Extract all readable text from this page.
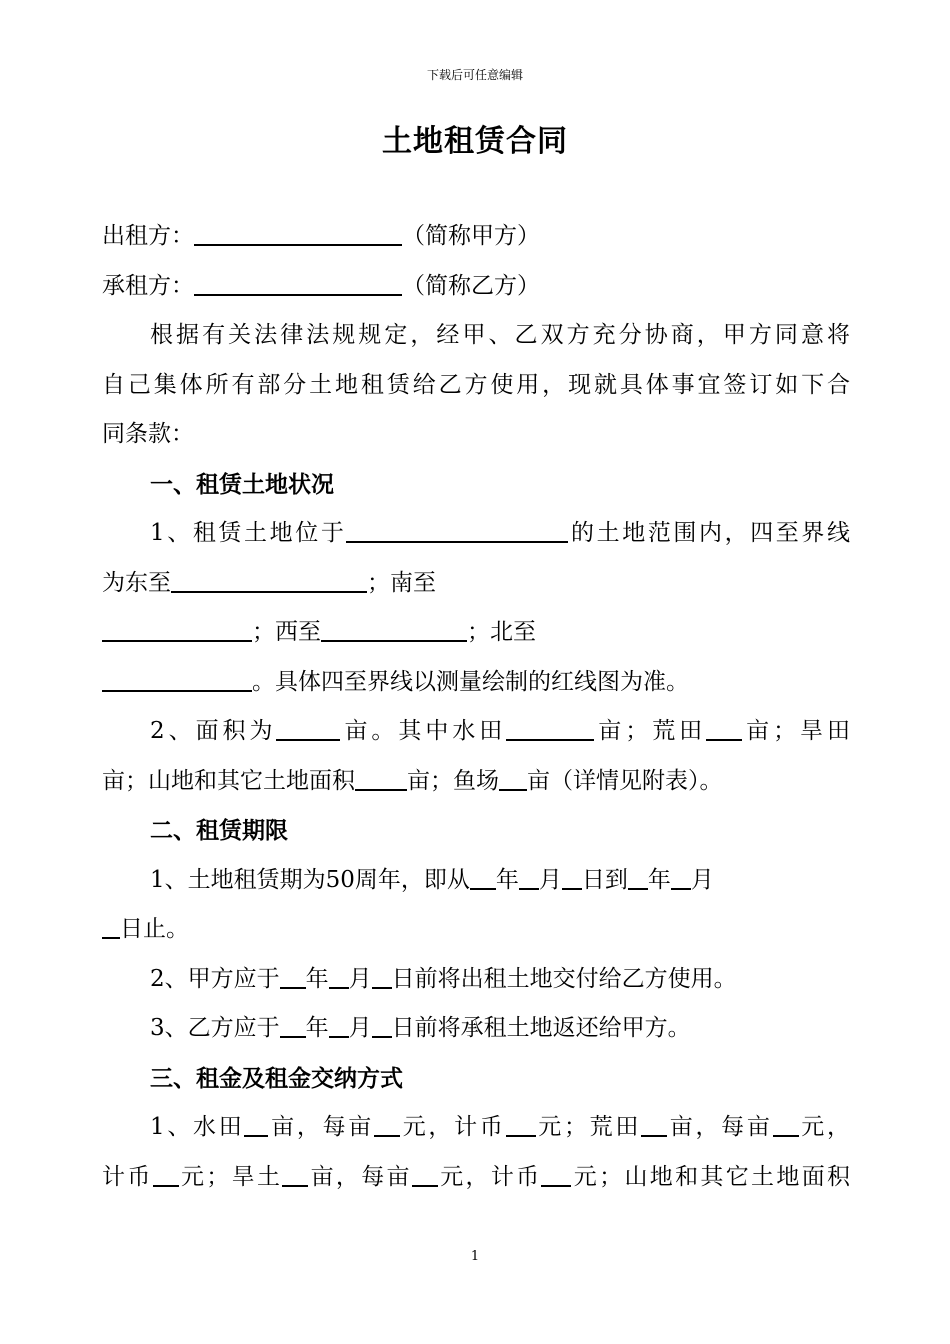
下载后可任意编辑
土地租赁合同

出租方：	（简称甲方）

承租方：	（简称乙方）

根据有关法律法规规定，经甲、乙双方充分协商，甲方同意将

自己集体所有部分土地租赁给乙方使用，现就具体事宜签订如下合

同条款：

一、租赁土地状况

1、租赁土地位于	的土地范围内，四至界线

为东至	；南至

；西至	；北至

。具体四至界线以测量绘制的红线图为准。

2、面积为	亩。其中水田	亩；荒田 亩；旱田

亩；山地和其它土地面积 亩；鱼场 亩（详情见附表）。

二、租赁期限

1、土地租赁期为50周年，即从 年 月 日到 年 月

日止。

2、甲方应于 年 月 日前将出租土地交付给乙方使用。

3、乙方应于 年 月 日前将承租土地返还给甲方。

三、租金及租金交纳方式

1、水田 亩，每亩 元，计币 元；荒田 亩，每亩 元，

计币 元；旱土 亩，每亩 元，计币 元；山地和其它土地面积

1
